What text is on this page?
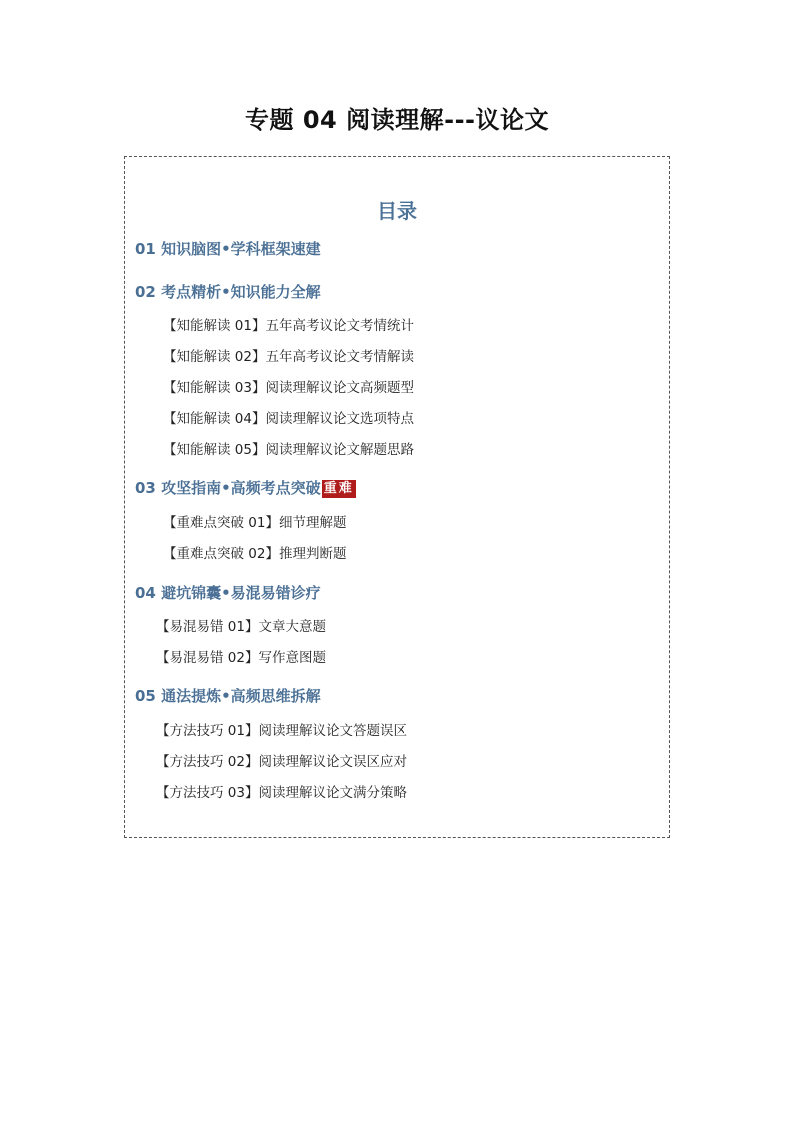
专题 04 阅读理解---议论文
目录
01 知识脑图•学科框架速建
02 考点精析•知识能力全解
【知能解读 01】五年高考议论文考情统计
【知能解读 02】五年高考议论文考情解读
【知能解读 03】阅读理解议论文高频题型
【知能解读 04】阅读理解议论文选项特点
【知能解读 05】阅读理解议论文解题思路
03 攻坚指南•高频考点突破 重难
【重难点突破 01】细节理解题
【重难点突破 02】推理判断题
04 避坑锦囊•易混易错诊疗
【易混易错 01】文章大意题
【易混易错 02】写作意图题
05 通法提炼•高频思维拆解
【方法技巧 01】阅读理解议论文答题误区
【方法技巧 02】阅读理解议论文误区应对
【方法技巧 03】阅读理解议论文满分策略
